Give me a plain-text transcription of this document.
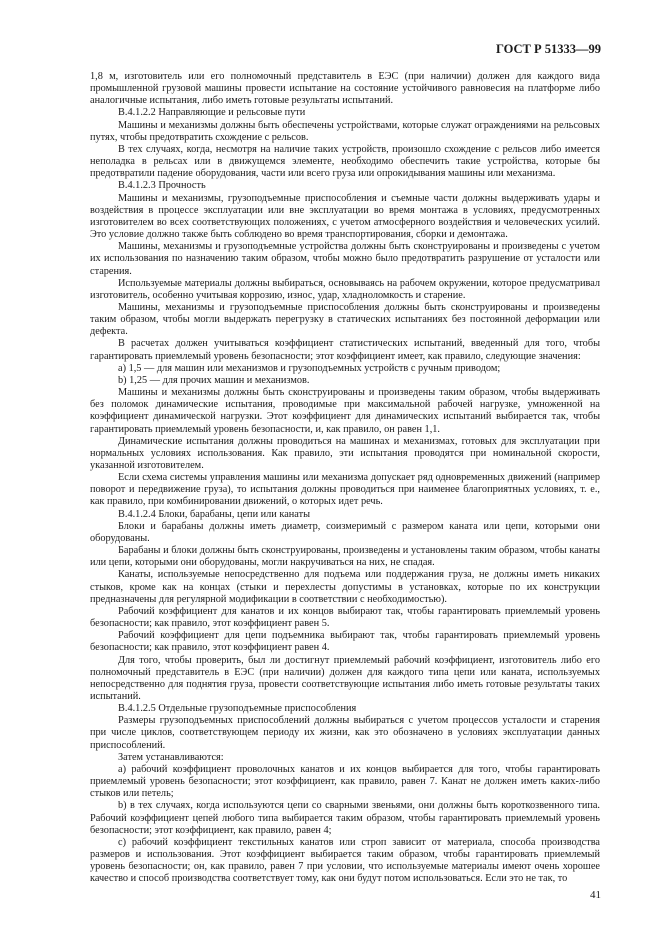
ГОСТ Р 51333—99

1,8 м, изготовитель или его полномочный представитель в ЕЭС (при наличии) должен для каждого вида промышленной грузовой машины провести испытание на состояние устойчивого равновесия на платформе либо аналогичные испытания, либо иметь готовые результаты испытаний.

В.4.1.2.2 Направляющие и рельсовые пути

Машины и механизмы должны быть обеспечены устройствами, которые служат ограждениями на рельсовых путях, чтобы предотвратить схождение с рельсов.

В тех случаях, когда, несмотря на наличие таких устройств, произошло схождение с рельсов либо имеется неполадка в рельсах или в движущемся элементе, необходимо обеспечить такие устройства, которые бы предотвратили падение оборудования, части или всего груза или опрокидывания машины или механизма.

В.4.1.2.3 Прочность

Машины и механизмы, грузоподъемные приспособления и съемные части должны выдерживать удары и воздействия в процессе эксплуатации или вне эксплуатации во время монтажа в условиях, предусмотренных изготовителем во всех соответствующих положениях, с учетом атмосферного воздействия и человеческих усилий. Это условие должно также быть соблюдено во время транспортирования, сборки и демонтажа.

Машины, механизмы и грузоподъемные устройства должны быть сконструированы и произведены с учетом их использования по назначению таким образом, чтобы можно было предотвратить разрушение от усталости или старения.

Используемые материалы должны выбираться, основываясь на рабочем окружении, которое предусматривал изготовитель, особенно учитывая коррозию, износ, удар, хладноломкость и старение.

Машины, механизмы и грузоподъемные приспособления должны быть сконструированы и произведены таким образом, чтобы могли выдержать перегрузку в статических испытаниях без постоянной деформации или дефекта.

В расчетах должен учитываться коэффициент статистических испытаний, введенный для того, чтобы гарантировать приемлемый уровень безопасности; этот коэффициент имеет, как правило, следующие значения:

а) 1,5 — для машин или механизмов и грузоподъемных устройств с ручным приводом;

b) 1,25 — для прочих машин и механизмов.

Машины и механизмы должны быть сконструированы и произведены таким образом, чтобы выдерживать без поломок динамические испытания, проводимые при максимальной рабочей нагрузке, умноженной на коэффициент динамической нагрузки. Этот коэффициент для динамических испытаний выбирается так, чтобы гарантировать приемлемый уровень безопасности, и, как правило, он равен 1,1.

Динамические испытания должны проводиться на машинах и механизмах, готовых для эксплуатации при нормальных условиях использования. Как правило, эти испытания проводятся при номинальной скорости, указанной изготовителем.

Если схема системы управления машины или механизма допускает ряд одновременных движений (например поворот и передвижение груза), то испытания должны проводиться при наименее благоприятных условиях, т. е., как правило, при комбинировании движений, о которых идет речь.

В.4.1.2.4 Блоки, барабаны, цепи или канаты

Блоки и барабаны должны иметь диаметр, соизмеримый с размером каната или цепи, которыми они оборудованы.

Барабаны и блоки должны быть сконструированы, произведены и установлены таким образом, чтобы канаты или цепи, которыми они оборудованы, могли накручиваться на них, не спадая.

Канаты, используемые непосредственно для подъема или поддержания груза, не должны иметь никаких стыков, кроме как на концах (стыки и перехлесты допустимы в установках, которые по их конструкции предназначены для регулярной модификации в соответствии с необходимостью).

Рабочий коэффициент для канатов и их концов выбирают так, чтобы гарантировать приемлемый уровень безопасности; как правило, этот коэффициент равен 5.

Рабочий коэффициент для цепи подъемника выбирают так, чтобы гарантировать приемлемый уровень безопасности; как правило, этот коэффициент равен 4.

Для того, чтобы проверить, был ли достигнут приемлемый рабочий коэффициент, изготовитель либо его полномочный представитель в ЕЭС (при наличии) должен для каждого типа цепи или каната, используемых непосредственно для поднятия груза, провести соответствующие испытания либо иметь готовые результаты таких испытаний.

В.4.1.2.5 Отдельные грузоподъемные приспособления

Размеры грузоподъемных приспособлений должны выбираться с учетом процессов усталости и старения при числе циклов, соответствующем периоду их жизни, как это обозначено в условиях эксплуатации данных приспособлений.

Затем устанавливаются:

а) рабочий коэффициент проволочных канатов и их концов выбирается для того, чтобы гарантировать приемлемый уровень безопасности; этот коэффициент, как правило, равен 7. Канат не должен иметь каких-либо стыков или петель;

b) в тех случаях, когда используются цепи со сварными звеньями, они должны быть короткозвенного типа. Рабочий коэффициент цепей любого типа выбирается таким образом, чтобы гарантировать приемлемый уровень безопасности; этот коэффициент, как правило, равен 4;

с) рабочий коэффициент текстильных канатов или строп зависит от материала, способа производства размеров и использования. Этот коэффициент выбирается таким образом, чтобы гарантировать приемлемый уровень безопасности; он, как правило, равен 7 при условии, что используемые материалы имеют очень хорошее качество и способ производства соответствует тому, как они будут потом использоваться. Если это не так, то

41
